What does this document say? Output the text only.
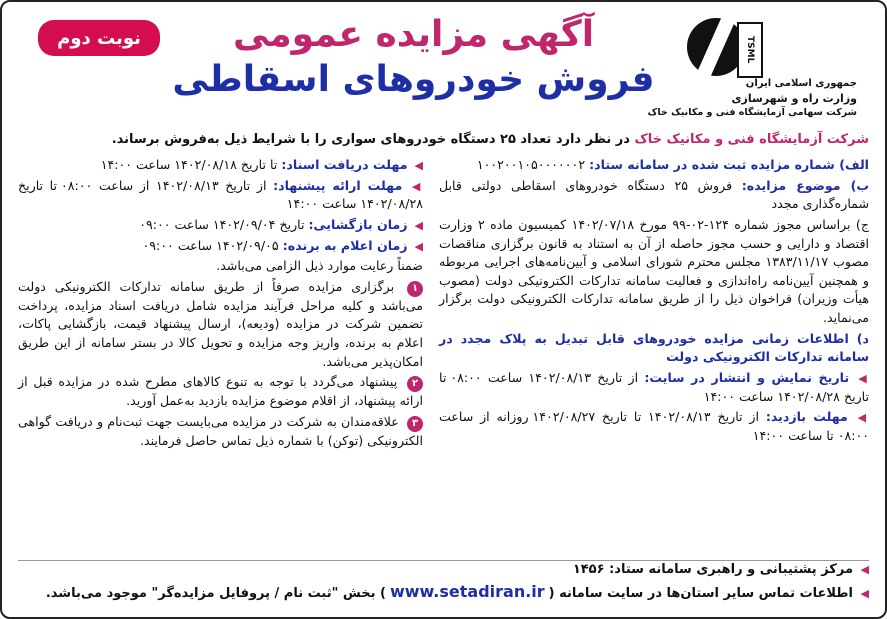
نوبت دوم	آگهی مزایده عمومی
فروش خودروهای اسقاطی
TSML
جمهوری اسلامی ایران
وزارت راه و شهرسازی
شرکت سهامی آزمایشگاه فنی و مکانیک خاک
شرکت آزمایشگاه فنی و مکانیک خاک در نظر دارد تعداد ۲۵ دستگاه خودروهای سواری را با شرایط ذیل به‌فروش برساند.

الف) شماره مزایده ثبت شده در سامانه ستاد: ۱۰۰۲۰۰۱۰۵۰۰۰۰۰۰۲

ب) موضوع مزایده: فروش ۲۵ دستگاه خودروهای اسقاطی دولتی قابل شماره‌گذاری مجدد

ج) براساس مجوز شماره ۱۲۴-۰۲-۹۹ مورخ ۱۴۰۲/۰۷/۱۸ کمیسیون ماده ۲ وزارت اقتصاد و دارایی و حسب مجوز حاصله از آن به استناد به قانون برگزاری مناقصات مصوب ۱۳۸۳/۱۱/۱۷ مجلس محترم شورای اسلامی و آیین‌نامه‌های اجرایی مربوطه و همچنین آیین‌نامه راه‌اندازی و فعالیت سامانه تدارکات الکترونیکی دولت (مصوب هیأت وزیران) فراخوان ذیل را از طریق سامانه تدارکات الکترونیکی دولت برگزار می‌نماید.

د) اطلاعات زمانی مزایده خودروهای قابل تبدیل به پلاک مجدد در سامانه تدارکات الکترونیکی دولت

◀ تاریخ نمایش و انتشار در سایت: از تاریخ ۱۴۰۲/۰۸/۱۳ ساعت ۰۸:۰۰ تا تاریخ ۱۴۰۲/۰۸/۲۸ ساعت ۱۴:۰۰

◀ مهلت بازدید: از تاریخ ۱۴۰۲/۰۸/۱۳ تا تاریخ ۱۴۰۲/۰۸/۲۷ روزانه از ساعت ۰۸:۰۰ تا ساعت ۱۴:۰۰

◀ مهلت دریافت اسناد: تا تاریخ ۱۴۰۲/۰۸/۱۸ ساعت ۱۴:۰۰

◀ مهلت ارائه پیشنهاد: از تاریخ ۱۴۰۲/۰۸/۱۳ از ساعت ۰۸:۰۰ تا تاریخ ۱۴۰۲/۰۸/۲۸ ساعت ۱۴:۰۰

◀ زمان بازگشایی: تاریخ ۱۴۰۲/۰۹/۰۴ ساعت ۰۹:۰۰

◀ زمان اعلام به برنده: ۱۴۰۲/۰۹/۰۵ ساعت ۰۹:۰۰

ضمناً رعایت موارد ذیل الزامی می‌باشد.

۱ برگزاری مزایده صرفاً از طریق سامانه تدارکات الکترونیکی دولت می‌باشد و کلیه مراحل فرآیند مزایده شامل دریافت اسناد مزایده، پرداخت تضمین شرکت در مزایده (ودیعه)، ارسال پیشنهاد قیمت، بازگشایی پاکات، اعلام به برنده، واریز وجه مزایده و تحویل کالا در بستر سامانه از این طریق امکان‌پذیر می‌باشد.

۲ پیشنهاد می‌گردد با توجه به تنوع کالاهای مطرح شده در مزایده قبل از ارائه پیشنهاد، از اقلام موضوع مزایده بازدید به‌عمل آورید.

۳ علاقه‌مندان به شرکت در مزایده می‌بایست جهت ثبت‌نام و دریافت گواهی الکترونیکی (توکن) با شماره ذیل تماس حاصل فرمایند.

◀ مرکز پشتیبانی و راهبری سامانه ستاد: ۱۴۵۶
◀ اطلاعات تماس سایر استان‌ها در سایت سامانه (www.setadiran.ir) بخش "ثبت نام / پروفایل مزایده‌گر" موجود می‌باشد.
